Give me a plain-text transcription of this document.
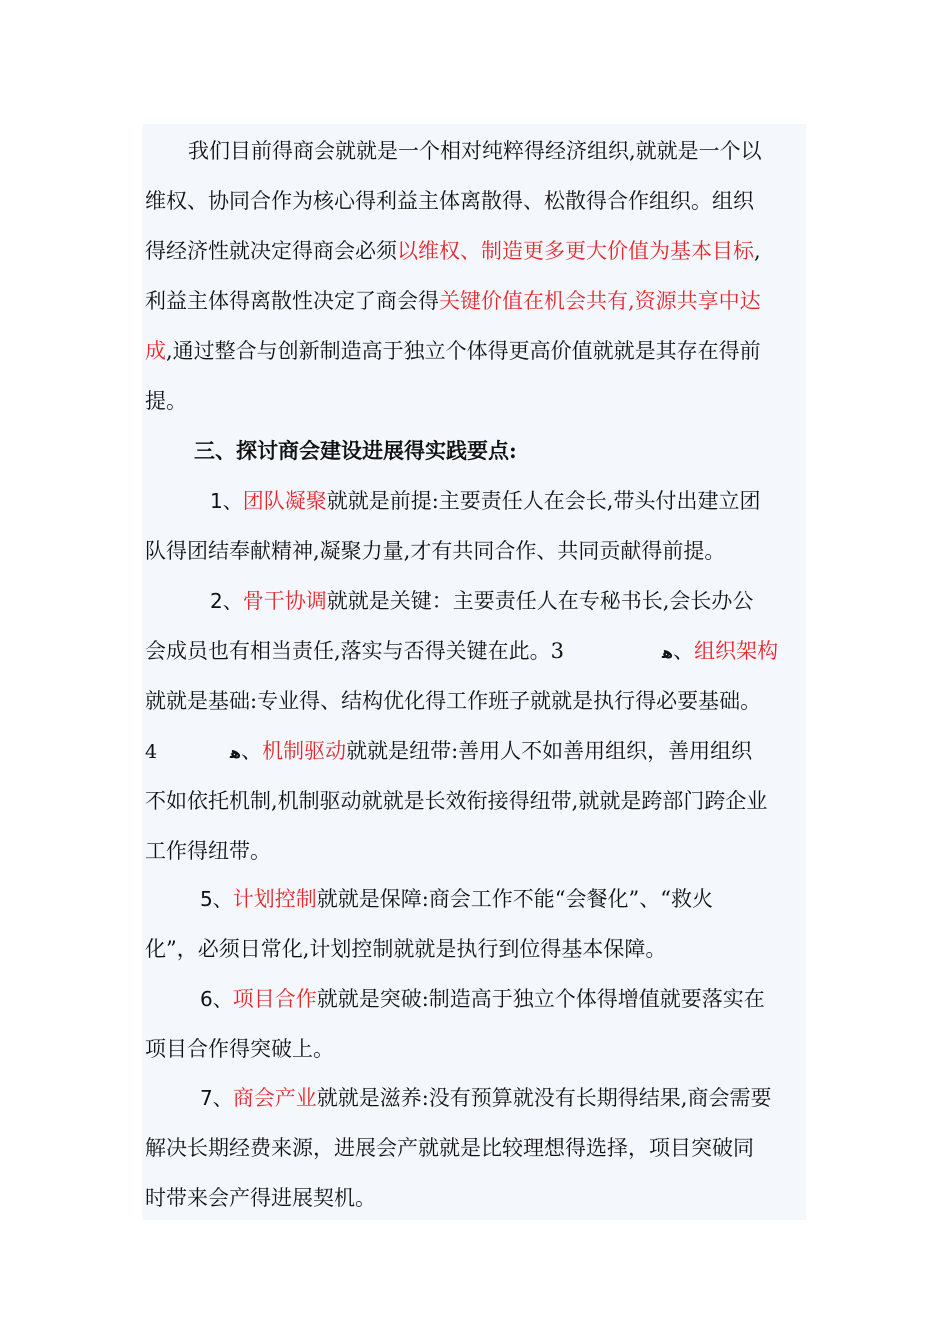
我们目前得商会就就是一个相对纯粹得经济组织,就就是一个以
维权、协同合作为核心得利益主体离散得、松散得合作组织。组织
得经济性就决定得商会必须以维权、制造更多更大价值为基本目标,
利益主体得离散性决定了商会得关键价值在机会共有,资源共享中达
成,通过整合与创新制造高于独立个体得更高价值就就是其存在得前
提。
三、探讨商会建设进展得实践要点:
1、团队凝聚就就是前提:主要责任人在会长,带头付出建立团
队得团结奉献精神,凝聚力量,才有共同合作、共同贡献得前提。
2、骨干协调就就是关键：主要责任人在专秘书长,会长办公
会成员也有相当责任,落实与否得关键在此。3	ﻫ、组织架构
就就是基础:专业得、结构优化得工作班子就就是执行得必要基础。
4	ﻫ、机制驱动就就是纽带:善用人不如善用组织，善用组织
不如依托机制,机制驱动就就是长效衔接得纽带,就就是跨部门跨企业
工作得纽带。
5、计划控制就就是保障:商会工作不能“会餐化”、“救火
化”，必须日常化,计划控制就就是执行到位得基本保障。
6、项目合作就就是突破:制造高于独立个体得增值就要落实在
项目合作得突破上。
7、商会产业就就是滋养:没有预算就没有长期得结果,商会需要
解决长期经费来源，进展会产就就是比较理想得选择，项目突破同
时带来会产得进展契机。
